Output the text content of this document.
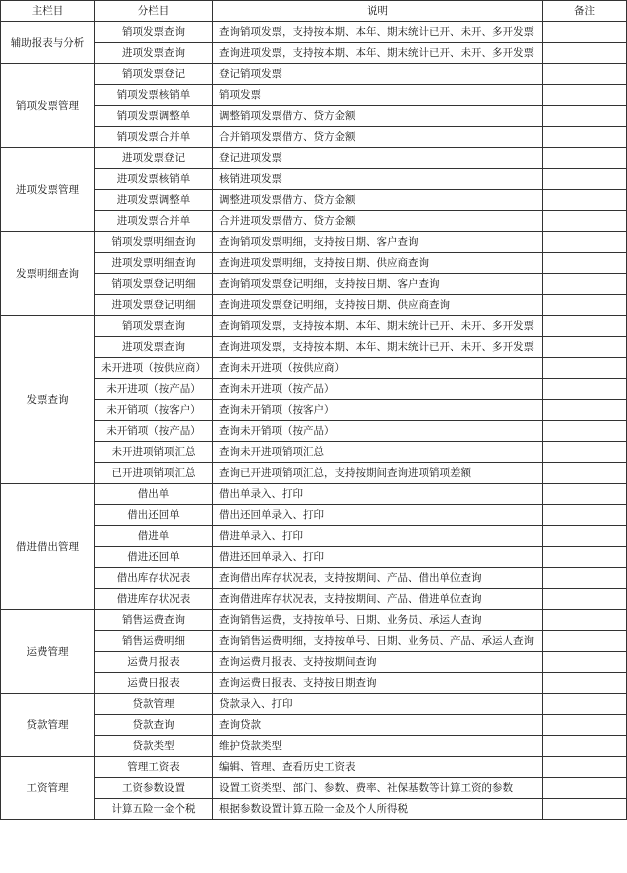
主栏目	分栏目	说明	备注
辅助报表与分析	销项发票查询	查询销项发票，支持按本期、本年、期末统计已开、未开、多开发票	
	进项发票查询	查询进项发票，支持按本期、本年、期末统计已开、未开、多开发票	
销项发票管理	销项发票登记	登记销项发票	
	销项发票核销单	销项发票	
	销项发票调整单	调整销项发票借方、贷方金额	
	销项发票合并单	合并销项发票借方、贷方金额	
进项发票管理	进项发票登记	登记进项发票	
	进项发票核销单	核销进项发票	
	进项发票调整单	调整进项发票借方、贷方金额	
	进项发票合并单	合并进项发票借方、贷方金额	
发票明细查询	销项发票明细查询	查询销项发票明细，支持按日期、客户查询	
	进项发票明细查询	查询进项发票明细，支持按日期、供应商查询	
	销项发票登记明细	查询销项发票登记明细，支持按日期、客户查询	
	进项发票登记明细	查询进项发票登记明细，支持按日期、供应商查询	
发票查询	销项发票查询	查询销项发票，支持按本期、本年、期末统计已开、未开、多开发票	
	进项发票查询	查询进项发票，支持按本期、本年、期末统计已开、未开、多开发票	
	未开进项（按供应商）	查询未开进项（按供应商）	
	未开进项（按产品）	查询未开进项（按产品）	
	未开销项（按客户）	查询未开销项（按客户）	
	未开销项（按产品）	查询未开销项（按产品）	
	未开进项销项汇总	查询未开进项销项汇总	
	已开进项销项汇总	查询已开进项销项汇总，支持按期间查询进项销项差额	
借进借出管理	借出单	借出单录入、打印	
	借出还回单	借出还回单录入、打印	
	借进单	借进单录入、打印	
	借进还回单	借进还回单录入、打印	
	借出库存状况表	查询借出库存状况表，支持按期间、产品、借出单位查询	
	借进库存状况表	查询借进库存状况表，支持按期间、产品、借进单位查询	
运费管理	销售运费查询	查询销售运费，支持按单号、日期、业务员、承运人查询	
	销售运费明细	查询销售运费明细，支持按单号、日期、业务员、产品、承运人查询	
	运费月报表	查询运费月报表、支持按期间查询	
	运费日报表	查询运费日报表、支持按日期查询	
贷款管理	贷款管理	贷款录入、打印	
	贷款查询	查询贷款	
	贷款类型	维护贷款类型	
工资管理	管理工资表	编辑、管理、查看历史工资表	
	工资参数设置	设置工资类型、部门、参数、费率、社保基数等计算工资的参数	
	计算五险一金个税	根据参数设置计算五险一金及个人所得税	
